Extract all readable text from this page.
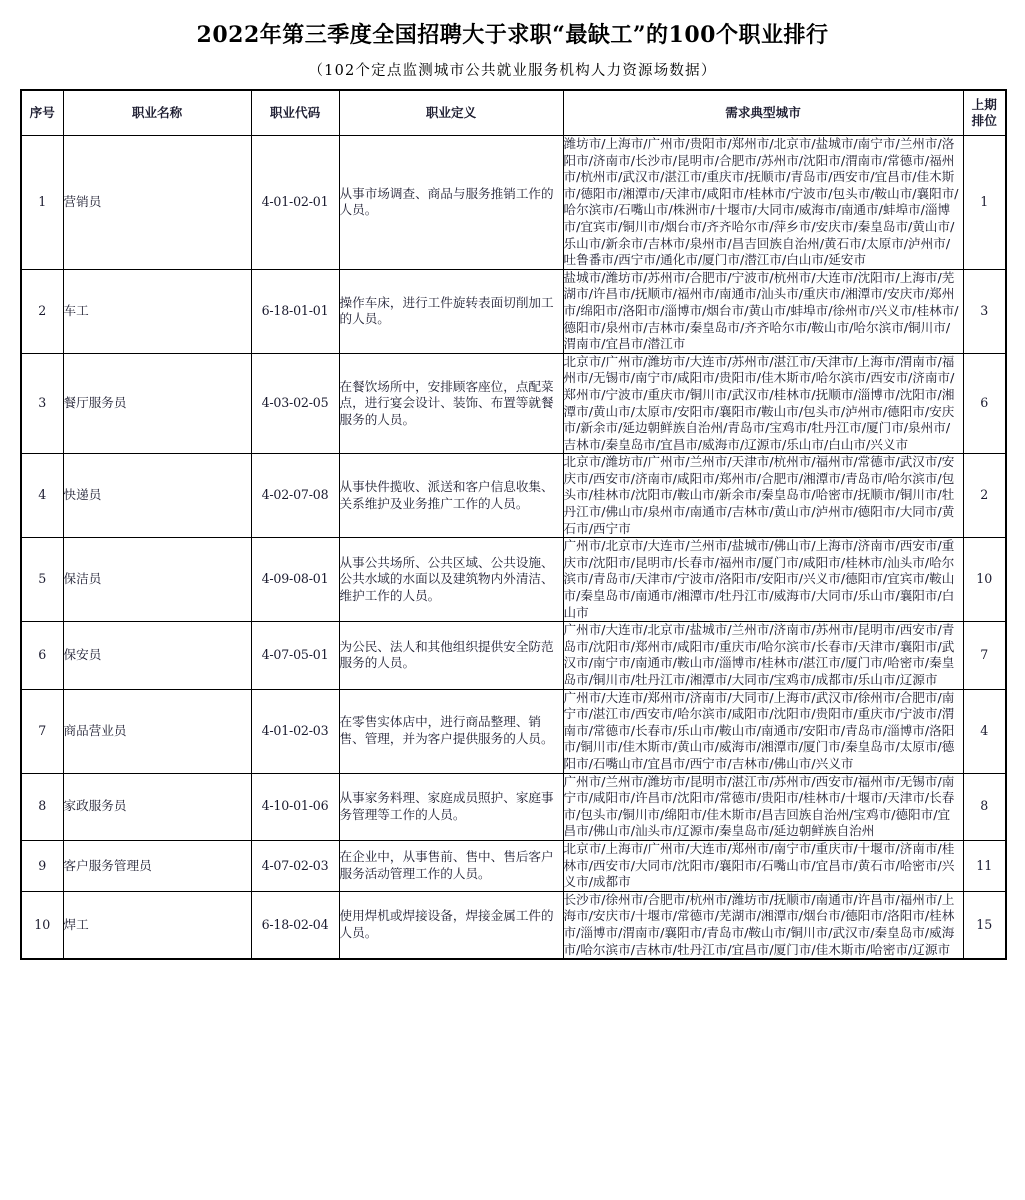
2022年第三季度全国招聘大于求职“最缺工”的100个职业排行
（102个定点监测城市公共就业服务机构人力资源场数据）
序号	职业名称	职业代码	职业定义	需求典型城市	上期
排位

1	营销员	4-01-02-01	从事市场调查、商品与服务推销工作的人员。	潍坊市/上海市/广州市/贵阳市/郑州市/北京市/盐城市/南宁市/兰州市/洛阳市/济南市/长沙市/昆明市/合肥市/苏州市/沈阳市/渭南市/常德市/福州市/杭州市/武汉市/湛江市/重庆市/抚顺市/青岛市/西安市/宜昌市/佳木斯市/德阳市/湘潭市/天津市/咸阳市/桂林市/宁波市/包头市/鞍山市/襄阳市/哈尔滨市/石嘴山市/株洲市/十堰市/大同市/威海市/南通市/蚌埠市/淄博市/宜宾市/铜川市/烟台市/齐齐哈尔市/萍乡市/安庆市/秦皇岛市/黄山市/乐山市/新余市/吉林市/泉州市/昌吉回族自治州/黄石市/太原市/泸州市/吐鲁番市/西宁市/通化市/厦门市/潜江市/白山市/延安市	1
2	车工	6-18-01-01	操作车床，进行工件旋转表面切削加工的人员。	盐城市/潍坊市/苏州市/合肥市/宁波市/杭州市/大连市/沈阳市/上海市/芜湖市/许昌市/抚顺市/福州市/南通市/汕头市/重庆市/湘潭市/安庆市/郑州市/绵阳市/洛阳市/淄博市/烟台市/黄山市/蚌埠市/徐州市/兴义市/桂林市/德阳市/泉州市/吉林市/秦皇岛市/齐齐哈尔市/鞍山市/哈尔滨市/铜川市/渭南市/宜昌市/潜江市	3
3	餐厅服务员	4-03-02-05	在餐饮场所中，安排顾客座位，点配菜点，进行宴会设计、装饰、布置等就餐服务的人员。	北京市/广州市/潍坊市/大连市/苏州市/湛江市/天津市/上海市/渭南市/福州市/无锡市/南宁市/咸阳市/贵阳市/佳木斯市/哈尔滨市/西安市/济南市/郑州市/宁波市/重庆市/铜川市/武汉市/桂林市/抚顺市/淄博市/沈阳市/湘潭市/黄山市/太原市/安阳市/襄阳市/鞍山市/包头市/泸州市/德阳市/安庆市/新余市/延边朝鲜族自治州/青岛市/宝鸡市/牡丹江市/厦门市/泉州市/吉林市/秦皇岛市/宜昌市/威海市/辽源市/乐山市/白山市/兴义市	6
4	快递员	4-02-07-08	从事快件揽收、派送和客户信息收集、关系维护及业务推广工作的人员。	北京市/潍坊市/广州市/兰州市/天津市/杭州市/福州市/常德市/武汉市/安庆市/西安市/济南市/咸阳市/郑州市/合肥市/湘潭市/青岛市/哈尔滨市/包头市/桂林市/沈阳市/鞍山市/新余市/秦皇岛市/哈密市/抚顺市/铜川市/牡丹江市/佛山市/泉州市/南通市/吉林市/黄山市/泸州市/德阳市/大同市/黄石市/西宁市	2
5	保洁员	4-09-08-01	从事公共场所、公共区域、公共设施、公共水域的水面以及建筑物内外清洁、维护工作的人员。	广州市/北京市/大连市/兰州市/盐城市/佛山市/上海市/济南市/西安市/重庆市/沈阳市/昆明市/长春市/福州市/厦门市/咸阳市/桂林市/汕头市/哈尔滨市/青岛市/天津市/宁波市/洛阳市/安阳市/兴义市/德阳市/宜宾市/鞍山市/秦皇岛市/南通市/湘潭市/牡丹江市/威海市/大同市/乐山市/襄阳市/白山市	10
6	保安员	4-07-05-01	为公民、法人和其他组织提供安全防范服务的人员。	广州市/大连市/北京市/盐城市/兰州市/济南市/苏州市/昆明市/西安市/青岛市/沈阳市/郑州市/咸阳市/重庆市/哈尔滨市/长春市/天津市/襄阳市/武汉市/南宁市/南通市/鞍山市/淄博市/桂林市/湛江市/厦门市/哈密市/秦皇岛市/铜川市/牡丹江市/湘潭市/大同市/宝鸡市/成都市/乐山市/辽源市	7
7	商品营业员	4-01-02-03	在零售实体店中，进行商品整理、销售、管理，并为客户提供服务的人员。	广州市/大连市/郑州市/济南市/大同市/上海市/武汉市/徐州市/合肥市/南宁市/湛江市/西安市/哈尔滨市/咸阳市/沈阳市/贵阳市/重庆市/宁波市/渭南市/常德市/长春市/乐山市/鞍山市/南通市/安阳市/青岛市/淄博市/洛阳市/铜川市/佳木斯市/黄山市/威海市/湘潭市/厦门市/秦皇岛市/太原市/德阳市/石嘴山市/宜昌市/西宁市/吉林市/佛山市/兴义市	4
8	家政服务员	4-10-01-06	从事家务料理、家庭成员照护、家庭事务管理等工作的人员。	广州市/兰州市/潍坊市/昆明市/湛江市/苏州市/西安市/福州市/无锡市/南宁市/咸阳市/许昌市/沈阳市/常德市/贵阳市/桂林市/十堰市/天津市/长春市/包头市/铜川市/绵阳市/佳木斯市/昌吉回族自治州/宝鸡市/德阳市/宜昌市/佛山市/汕头市/辽源市/秦皇岛市/延边朝鲜族自治州	8
9	客户服务管理员	4-07-02-03	在企业中，从事售前、售中、售后客户服务活动管理工作的人员。	北京市/上海市/广州市/大连市/郑州市/南宁市/重庆市/十堰市/济南市/桂林市/西安市/大同市/沈阳市/襄阳市/石嘴山市/宜昌市/黄石市/哈密市/兴义市/成都市	11
10	焊工	6-18-02-04	使用焊机或焊接设备，焊接金属工件的人员。	长沙市/徐州市/合肥市/杭州市/潍坊市/抚顺市/南通市/许昌市/福州市/上海市/安庆市/十堰市/常德市/芜湖市/湘潭市/烟台市/德阳市/洛阳市/桂林市/淄博市/渭南市/襄阳市/青岛市/鞍山市/铜川市/武汉市/秦皇岛市/威海市/哈尔滨市/吉林市/牡丹江市/宜昌市/厦门市/佳木斯市/哈密市/辽源市	15
